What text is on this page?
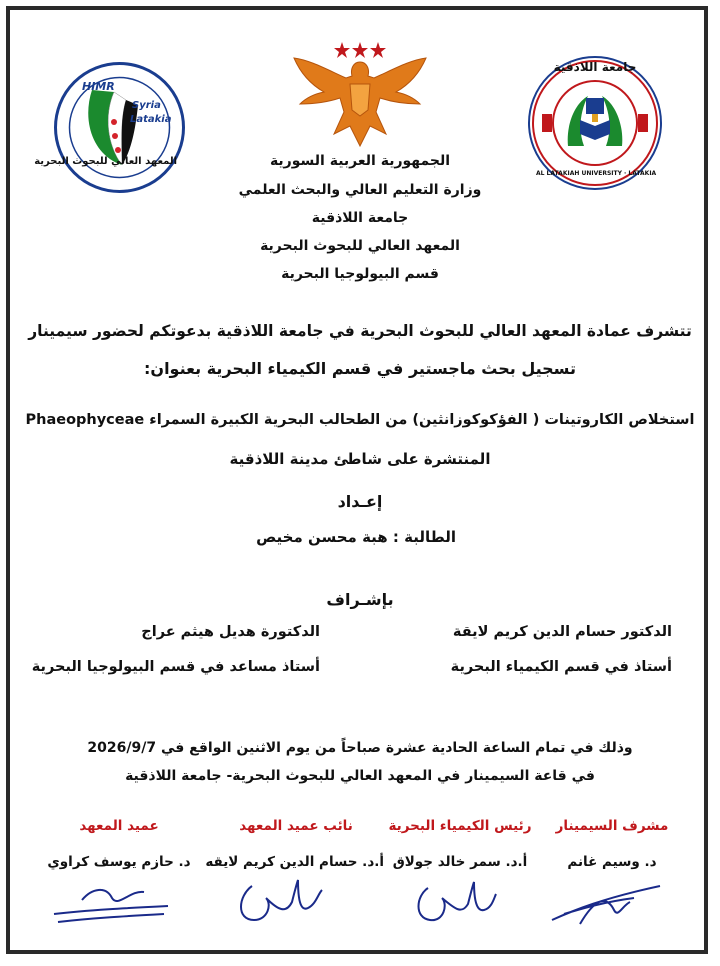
HIMR
Syria
Latakia
المعهد العالي للبحوث البحرية
جامعة اللاذقية
AL LATAKIAH UNIVERSITY · LATAKIA
الجمهورية العربية السورية
وزارة التعليم العالي والبحث العلمي
جامعة اللاذقية
المعهد العالي للبحوث البحرية
قسم البيولوجيا البحرية
تتشرف عمادة المعهد العالي للبحوث البحرية في جامعة اللاذقية بدعوتكم لحضور سيمينار
تسجيل بحث ماجستير في قسم الكيمياء البحرية بعنوان:
استخلاص الكاروتينات ( الفؤكوكوزانثين) من الطحالب البحرية الكبيرة السمراء Phaeophyceae
المنتشرة على شاطئ مدينة اللاذقية
إعـداد
الطالبة : هبة محسن مخيص
بإشـراف
الدكتور حسام الدين كريم لايقة
أستاذ في قسم الكيمياء البحرية
الدكتورة هديل هيثم عراج
أستاذ مساعد في قسم البيولوجيا البحرية
وذلك في تمام الساعة الحادية عشرة صباحاً من يوم الاثنين الواقع في 2026/9/7
في قاعة السيمينار في المعهد العالي للبحوث البحرية- جامعة اللاذقية
مشرف السيمينار
د. وسيم غانم
رئيس الكيمياء البحرية
أ.د. سمر خالد جولاق
نائب عميد المعهد
أ.د. حسام الدين كريم لايقه
عميد المعهد
د. حازم يوسف كراوي
